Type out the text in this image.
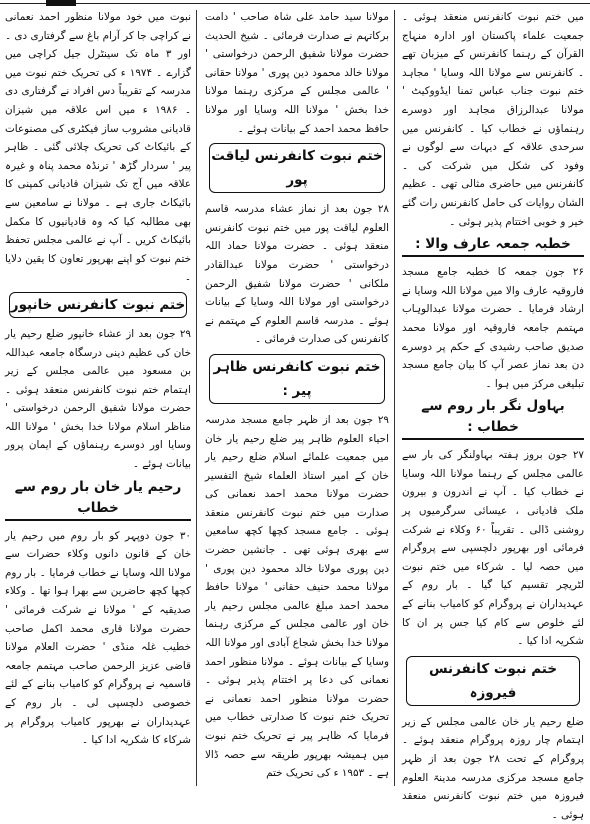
میں ختم نبوت کانفرنس منعقد ہوئی ۔ جمعیت علماء پاکستان اور ادارہ منہاج القرآن کے رہنما کانفرنس کے میزبان تھے ۔ کانفرنس سے مولانا اللہ وسایا ' مجاہد ختم نبوت جناب عباس تمنا ایڈووکیٹ ' مولانا عبدالرزاق مجاہد اور دوسرے رہنماؤں نے خطاب کیا ۔ کانفرنس میں سرحدی علاقہ کے دیہات سے لوگوں نے وفود کی شکل میں شرکت کی ۔ کانفرنس میں حاضری مثالی تھی ۔ عظیم الشان روایات کی حامل کانفرنس رات گئے خیر و خوبی اختتام پذیر ہوئی ۔

خطبہ جمعہ عارف والا :

۲۶ جون جمعہ کا خطبہ جامع مسجد فاروقیہ عارف والا میں مولانا اللہ وسایا نے ارشاد فرمایا ۔ حضرت مولانا عبدالوہاب مہتمم جامعہ فاروقیہ اور مولانا محمد صدیق صاحب رشیدی کے حکم پر دوسرے دن بعد نماز عصر آپ کا بیان جامع مسجد تبلیغی مرکز میں ہوا ۔

بہاول نگر بار روم سے خطاب :

۲۷ جون بروز ہفتہ بہاولنگر کی بار سے عالمی مجلس کے رہنما مولانا اللہ وسایا نے خطاب کیا ۔ آپ نے اندرون و بیرون ملک قادیانی ، عیسائی سرگرمیوں پر روشنی ڈالی ۔ تقریباً ۶۰ وکلاء نے شرکت فرمائی اور بھرپور دلچسپی سے پروگرام میں حصہ لیا ۔ شرکاء میں ختم نبوت لٹریچر تقسیم کیا گیا ۔ بار روم کے عہدیداران نے پروگرام کو کامیاب بنانے کے لئے خلوص سے کام کیا جس پر ان کا شکریہ ادا کیا ۔

ختم نبوت کانفرنس فیروزہ

ضلع رحیم یار خان عالمی مجلس کے زیر اہتمام چار روزہ پروگرام منعقد ہوئے ۔ پروگرام کے تحت ۲۸ جون بعد از ظہر جامع مسجد مرکزی مدرسہ مدینۃ العلوم فیروزہ میں ختم نبوت کانفرنس منعقد ہوئی ۔

مولانا سید حامد علی شاہ صاحب ' دامت برکاتہم نے صدارت فرمائی ۔ شیخ الحدیث حضرت مولانا شفیق الرحمن درخواستی ' مولانا خالد محمود دین پوری ' مولانا حقانی ' عالمی مجلس کے مرکزی رہنما مولانا خدا بخش ' مولانا اللہ وسایا اور مولانا حافظ محمد احمد کے بیانات ہوئے ۔

ختم نبوت کانفرنس لیاقت پور

۲۸ جون بعد از نماز عشاء مدرسہ قاسم العلوم لیاقت پور میں ختم نبوت کانفرنس منعقد ہوئی ۔ حضرت مولانا حماد اللہ درخواستی ' حضرت مولانا عبدالقادر ملکانی ' حضرت مولانا شفیق الرحمن درخواستی اور مولانا اللہ وسایا کے بیانات ہوئے ۔ مدرسہ قاسم العلوم کے مہتمم نے کانفرنس کی صدارت فرمائی ۔

ختم نبوت کانفرنس ظاہر پیر :

۲۹ جون بعد از ظہر جامع مسجد مدرسہ احیاء العلوم ظاہر پیر ضلع رحیم یار خان میں جمعیت علمائے اسلام ضلع رحیم یار خان کے امیر استاذ العلماء شیخ التفسیر حضرت مولانا محمد احمد نعمانی کی صدارت میں ختم نبوت کانفرنس منعقد ہوئی ۔ جامع مسجد کچھا کچھ سامعین سے بھری ہوئی تھی ۔ جانشین حضرت دین پوری مولانا خالد محمود دین پوری ' مولانا محمد حنیف حقانی ' مولانا حافظ محمد احمد مبلغ عالمی مجلس رحیم یار خان اور عالمی مجلس کے مرکزی رہنما مولانا خدا بخش شجاع آبادی اور مولانا اللہ وسایا کے بیانات ہوئے ۔ مولانا منظور احمد نعمانی کی دعا پر اختتام پذیر ہوئی ۔ حضرت مولانا منظور احمد نعمانی نے تحریک ختم نبوت کا صدارتی خطاب میں فرمایا کہ ظاہر پیر نے تحریک ختم نبوت میں ہمیشہ بھرپور طریقہ سے حصہ ڈالا ہے ۔ ۱۹۵۳ ء کی تحریک ختم

نبوت میں خود مولانا منظور احمد نعمانی نے کراچی جا کر آرام باغ سے گرفتاری دی ۔ اور ۳ ماہ تک سینٹرل جیل کراچی میں گزارے ۔ ۱۹۷۴ ء کی تحریک ختم نبوت میں مدرسہ کے تقریباً دس افراد نے گرفتاری دی ۔ ۱۹۸۶ ء میں اس علاقہ میں شیزان قادیانی مشروب ساز فیکٹری کی مصنوعات کے بائیکاٹ کی تحریک چلائی گئی ۔ ظاہر پیر ' سردار گڑھ ' ترنڈہ محمد پناہ و غیرہ علاقہ میں آج تک شیزان قادیانی کمپنی کا بائیکاٹ جاری ہے ۔ مولانا نے سامعین سے بھی مطالبہ کیا کہ وہ قادیانیوں کا مکمل بائیکاٹ کریں ۔ آپ نے عالمی مجلس تحفظ ختم نبوت کو اپنے بھرپور تعاون کا یقین دلایا ۔

ختم نبوت کانفرنس خانپور

۲۹ جون بعد از عشاء خانپور ضلع رحیم یار خان کی عظیم دینی درسگاہ جامعہ عبداللہ بن مسعود میں عالمی مجلس کے زیر اہتمام ختم نبوت کانفرنس منعقد ہوئی ۔ حضرت مولانا شفیق الرحمن درخواستی ' مناظر اسلام مولانا خدا بخش ' مولانا اللہ وسایا اور دوسرے رہنماؤں کے ایمان پرور بیانات ہوئے ۔

رحیم یار خان بار روم سے خطاب

۳۰ جون دوپہر کو بار روم میں رحیم یار خان کے قانون دانوں وکلاء حضرات سے مولانا اللہ وسایا نے خطاب فرمایا ۔ بار روم کچھا کچھ حاضرین سے بھرا ہوا تھا ۔ وکلاء صدیقیہ کے ' مولانا نے شرکت فرمائی ' حضرت مولانا قاری محمد اکمل صاحب خطیب غلہ منڈی ' حضرت العلام مولانا قاضی عزیز الرحمن صاحب مہتمم جامعہ قاسمیہ نے پروگرام کو کامیاب بنانے کے لئے خصوصی دلچسپی لی ۔ بار روم کے عہدیداران نے بھرپور کامیاب پروگرام پر شرکاء کا شکریہ ادا کیا ۔
